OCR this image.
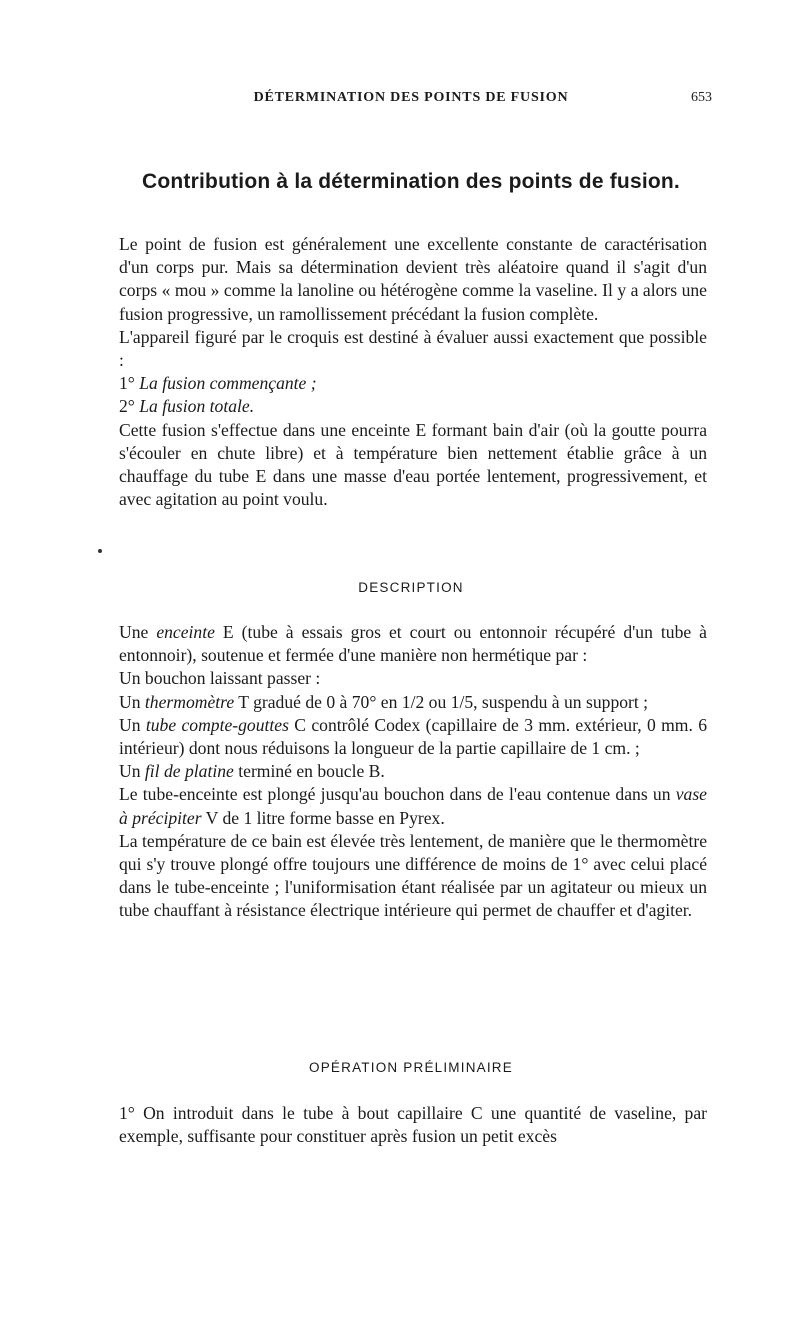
DÉTERMINATION DES POINTS DE FUSION	653
Contribution à la détermination des points de fusion.

Le point de fusion est généralement une excellente constante de caractérisation d'un corps pur. Mais sa détermination devient très aléatoire quand il s'agit d'un corps « mou » comme la lanoline ou hétérogène comme la vaseline. Il y a alors une fusion progressive, un ramollissement précédant la fusion complète.

L'appareil figuré par le croquis est destiné à évaluer aussi exactement que possible :

1° La fusion commençante ;

2° La fusion totale.

Cette fusion s'effectue dans une enceinte E formant bain d'air (où la goutte pourra s'écouler en chute libre) et à température bien nettement établie grâce à un chauffage du tube E dans une masse d'eau portée lentement, progressivement, et avec agitation au point voulu.

DESCRIPTION

Une enceinte E (tube à essais gros et court ou entonnoir récupéré d'un tube à entonnoir), soutenue et fermée d'une manière non hermétique par :

Un bouchon laissant passer :

Un thermomètre T gradué de 0 à 70° en 1/2 ou 1/5, suspendu à un support ;

Un tube compte-gouttes C contrôlé Codex (capillaire de 3 mm. extérieur, 0 mm. 6 intérieur) dont nous réduisons la longueur de la partie capillaire de 1 cm. ;

Un fil de platine terminé en boucle B.

Le tube-enceinte est plongé jusqu'au bouchon dans de l'eau contenue dans un vase à précipiter V de 1 litre forme basse en Pyrex.

La température de ce bain est élevée très lentement, de manière que le thermomètre qui s'y trouve plongé offre toujours une différence de moins de 1° avec celui placé dans le tube-enceinte ; l'uniformisation étant réalisée par un agitateur ou mieux un tube chauffant à résistance électrique intérieure qui permet de chauffer et d'agiter.

OPÉRATION PRÉLIMINAIRE

1° On introduit dans le tube à bout capillaire C une quantité de vaseline, par exemple, suffisante pour constituer après fusion un petit excès
